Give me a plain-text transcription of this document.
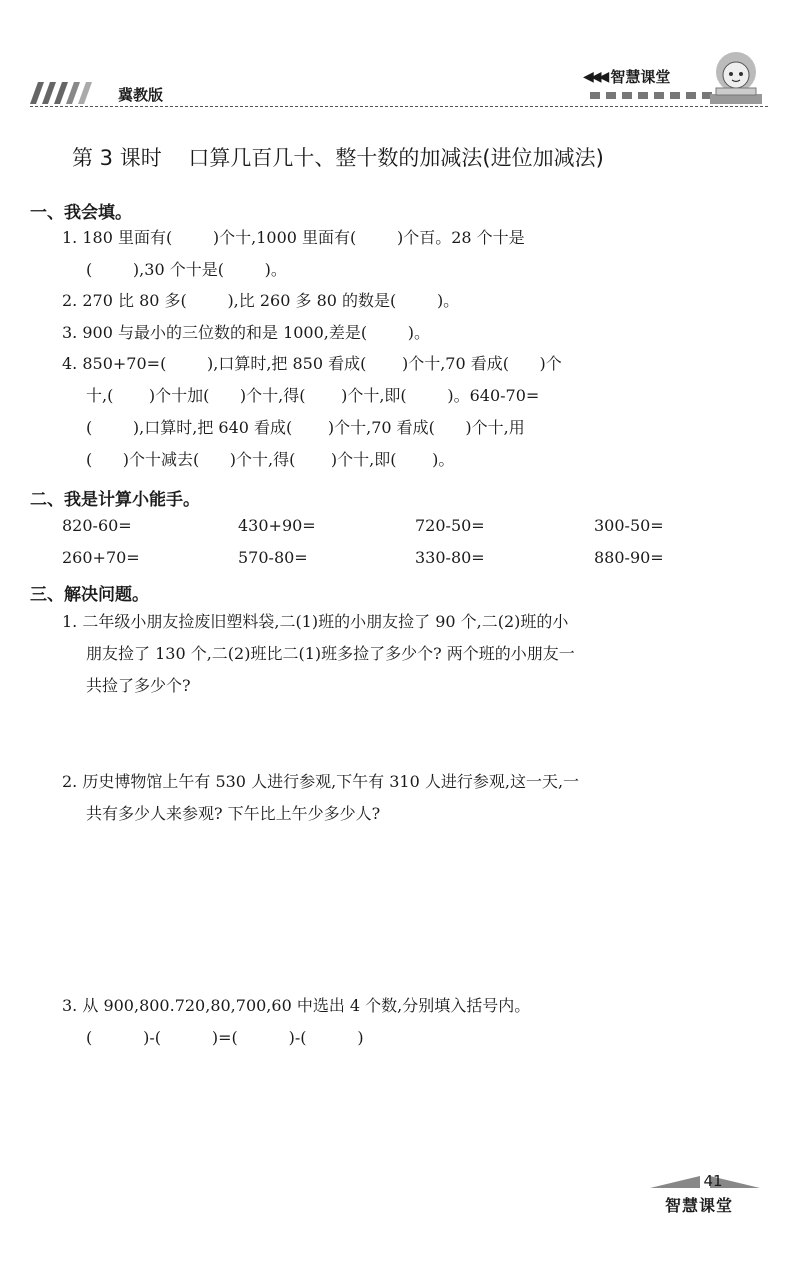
冀教版
◀◀◀ 智慧课堂
第 3 课时    口算几百几十、整十数的加减法(进位加减法)
一、我会填。
1. 180 里面有(        )个十,1000 里面有(        )个百。28 个十是
(        ),30 个十是(        )。
2. 270 比 80 多(        ),比 260 多 80 的数是(        )。
3. 900 与最小的三位数的和是 1000,差是(        )。
4. 850+70=(        ),口算时,把 850 看成(       )个十,70 看成(      )个
十,(       )个十加(      )个十,得(       )个十,即(        )。640-70=
(        ),口算时,把 640 看成(       )个十,70 看成(      )个十,用
(      )个十减去(      )个十,得(       )个十,即(       )。
二、我是计算小能手。
820-60=	430+90=	720-50=	300-50=
260+70=	570-80=	330-80=	880-90=
三、解决问题。
1. 二年级小朋友捡废旧塑料袋,二(1)班的小朋友捡了 90 个,二(2)班的小
朋友捡了 130 个,二(2)班比二(1)班多捡了多少个? 两个班的小朋友一
共捡了多少个?
2. 历史博物馆上午有 530 人进行参观,下午有 310 人进行参观,这一天,一
共有多少人来参观? 下午比上午少多少人?
3. 从 900,800.720,80,700,60 中选出 4 个数,分别填入括号内。
(          )-(          )=(          )-(          )
41
智慧课堂
